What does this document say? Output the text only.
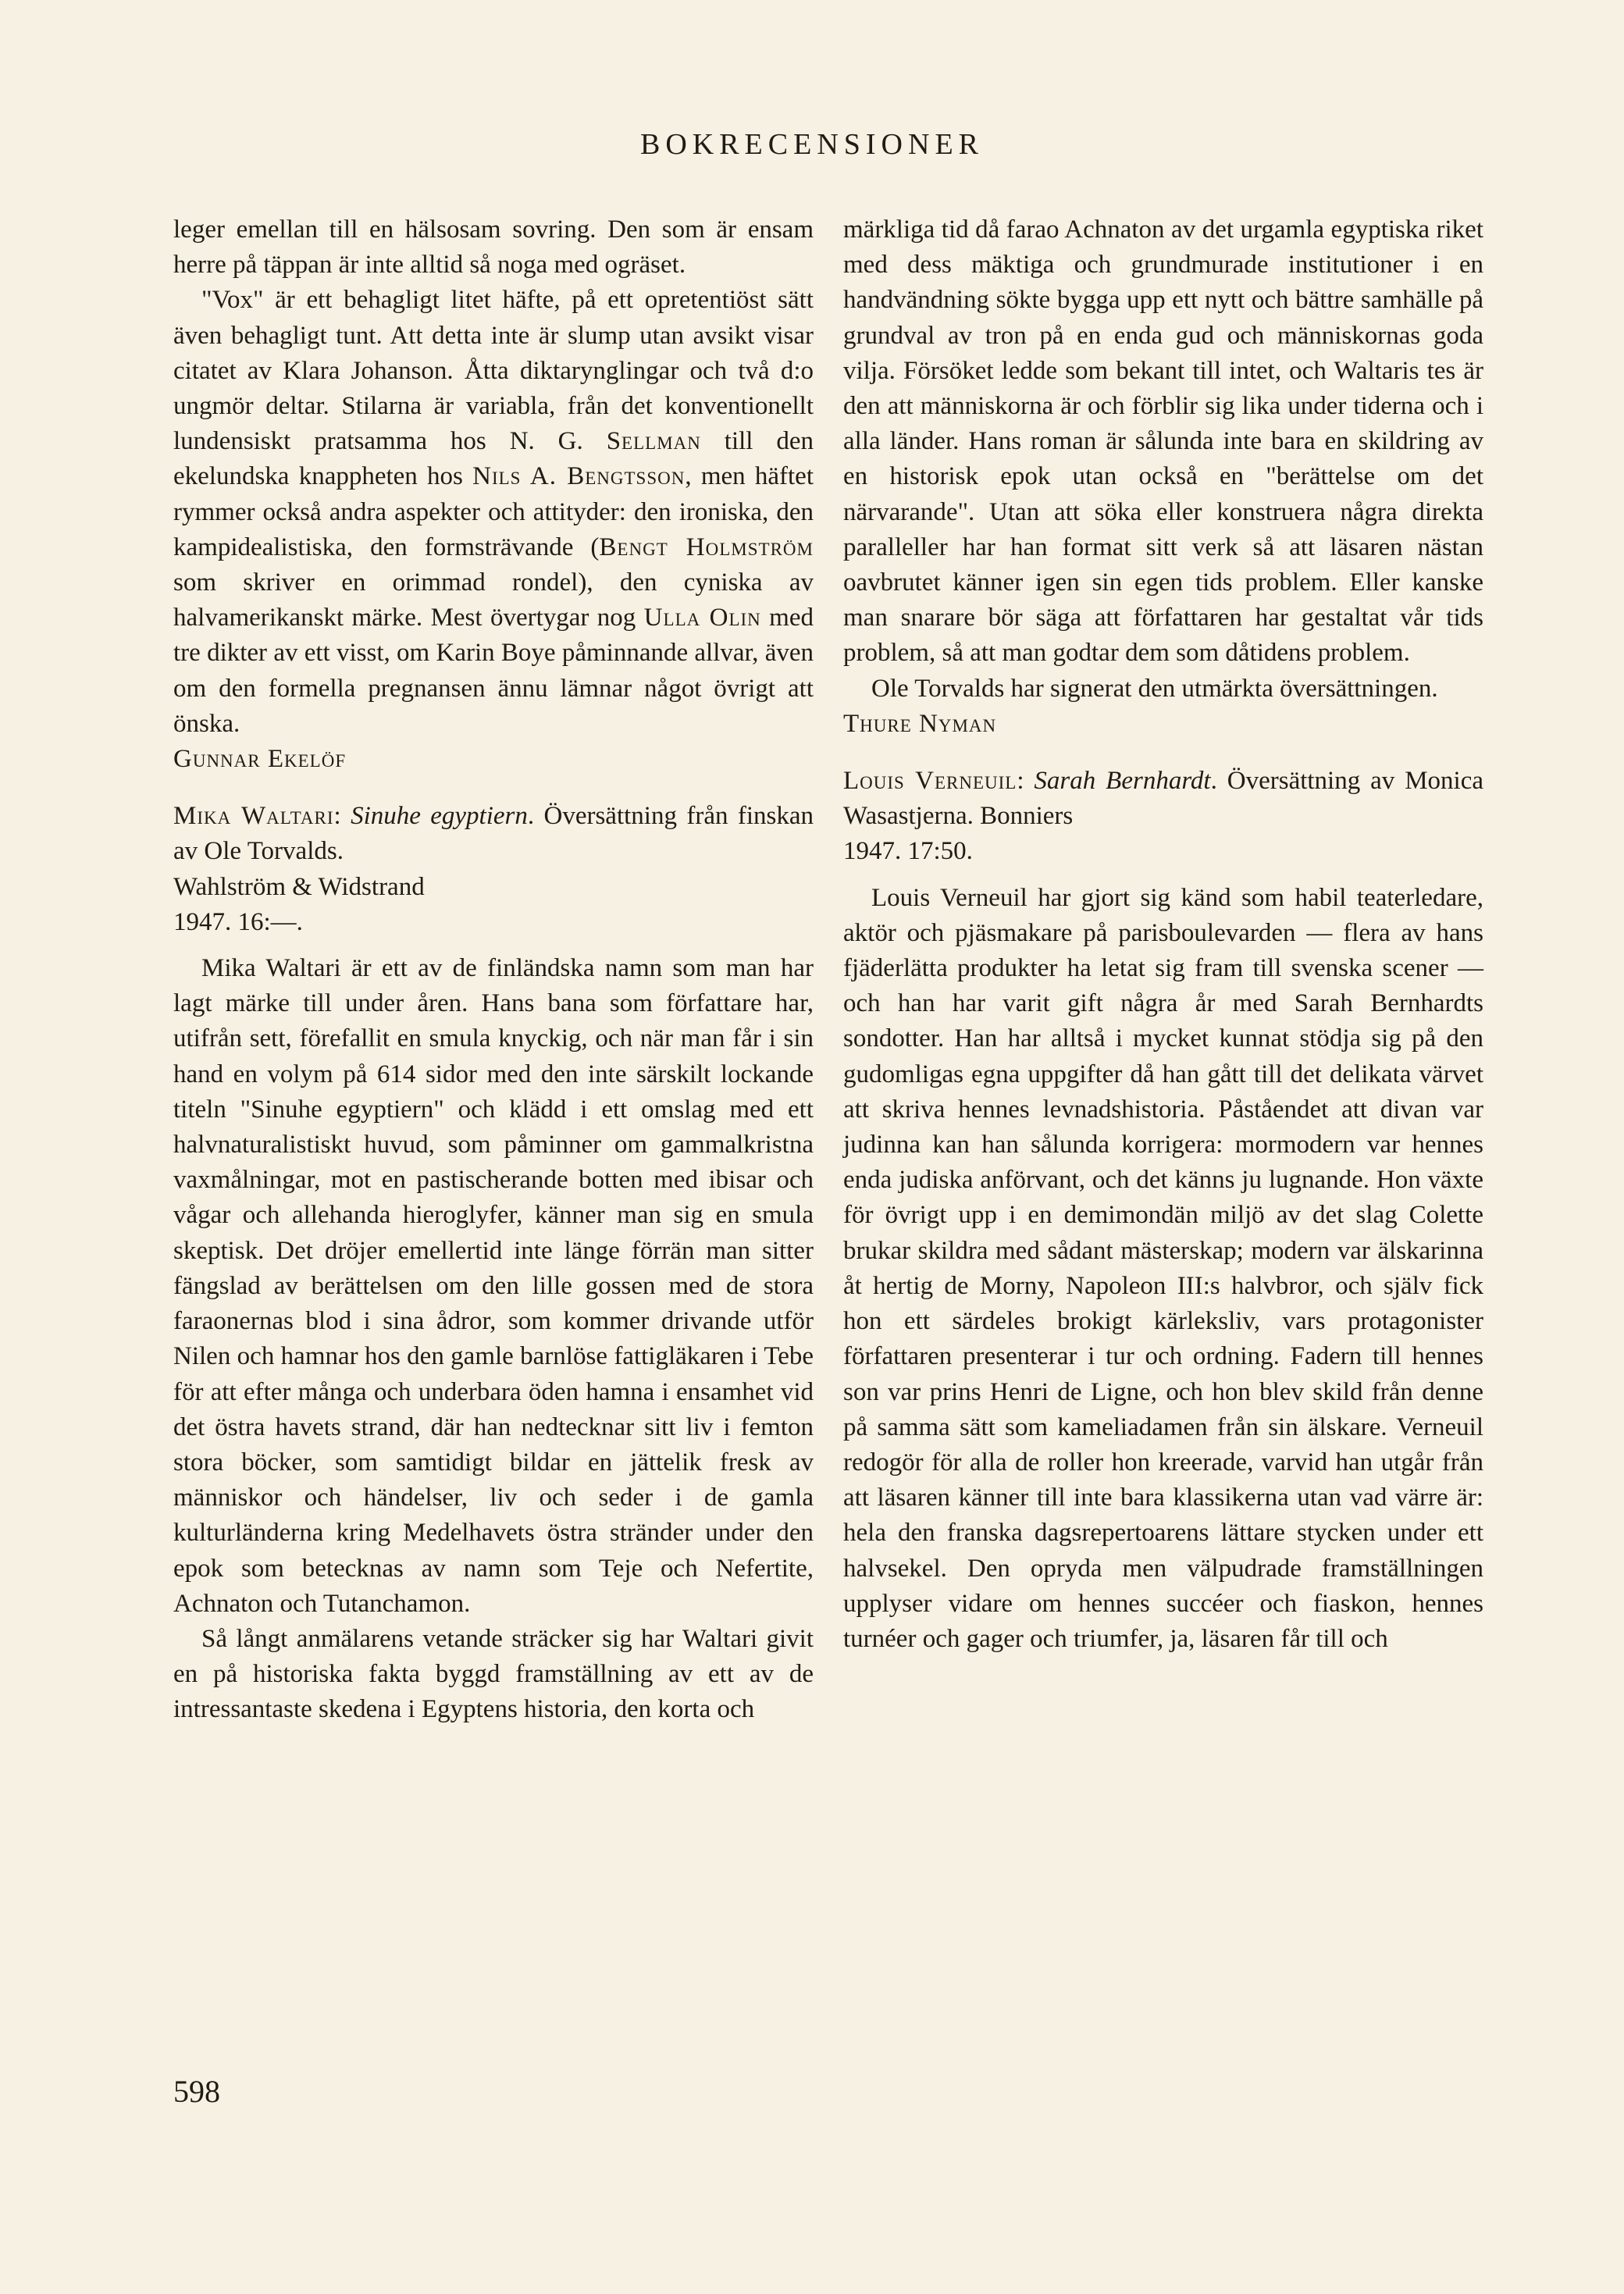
BOKRECENSIONER

leger emellan till en hälsosam sovring. Den som är ensam herre på täppan är inte alltid så noga med ogräset.

"Vox" är ett behagligt litet häfte, på ett opretentiöst sätt även behagligt tunt. Att detta inte är slump utan avsikt visar citatet av Klara Johanson. Åtta diktarynglingar och två d:o ungmör deltar. Stilarna är variabla, från det konventionellt lundensiskt pratsamma hos N. G. Sellman till den ekelundska knappheten hos Nils A. Bengtsson, men häftet rymmer också andra aspekter och attityder: den ironiska, den kampidealistiska, den formsträvande (Bengt Holmström som skriver en orimmad rondel), den cyniska av halvamerikanskt märke. Mest övertygar nog Ulla Olin med tre dikter av ett visst, om Karin Boye påminnande allvar, även om den formella pregnansen ännu lämnar något övrigt att önska.

Gunnar Ekelöf

Mika Waltari: Sinuhe egyptiern. Översättning från finskan av Ole Torvalds.
Wahlström & Widstrand
1947. 16:—.

Mika Waltari är ett av de finländska namn som man har lagt märke till under åren. Hans bana som författare har, utifrån sett, förefallit en smula knyckig, och när man får i sin hand en volym på 614 sidor med den inte särskilt lockande titeln "Sinuhe egyptiern" och klädd i ett omslag med ett halvnaturalistiskt huvud, som påminner om gammalkristna vaxmålningar, mot en pastischerande botten med ibisar och vågar och allehanda hieroglyfer, känner man sig en smula skeptisk. Det dröjer emellertid inte länge förrän man sitter fängslad av berättelsen om den lille gossen med de stora faraonernas blod i sina ådror, som kommer drivande utför Nilen och hamnar hos den gamle barnlöse fattigläkaren i Tebe för att efter många och underbara öden hamna i ensamhet vid det östra havets strand, där han nedtecknar sitt liv i femton stora böcker, som samtidigt bildar en jättelik fresk av människor och händelser, liv och seder i de gamla kulturländerna kring Medelhavets östra stränder under den epok som betecknas av namn som Teje och Nefertite, Achnaton och Tutanchamon.

Så långt anmälarens vetande sträcker sig har Waltari givit en på historiska fakta byggd framställning av ett av de intressantaste skedena i Egyptens historia, den korta och

märkliga tid då farao Achnaton av det urgamla egyptiska riket med dess mäktiga och grundmurade institutioner i en handvändning sökte bygga upp ett nytt och bättre samhälle på grundval av tron på en enda gud och människornas goda vilja. Försöket ledde som bekant till intet, och Waltaris tes är den att människorna är och förblir sig lika under tiderna och i alla länder. Hans roman är sålunda inte bara en skildring av en historisk epok utan också en "berättelse om det närvarande". Utan att söka eller konstruera några direkta paralleller har han format sitt verk så att läsaren nästan oavbrutet känner igen sin egen tids problem. Eller kanske man snarare bör säga att författaren har gestaltat vår tids problem, så att man godtar dem som dåtidens problem.

Ole Torvalds har signerat den utmärkta översättningen.

Thure Nyman

Louis Verneuil: Sarah Bernhardt. Översättning av Monica Wasastjerna. Bonniers
1947. 17:50.

Louis Verneuil har gjort sig känd som habil teaterledare, aktör och pjäsmakare på parisboulevarden — flera av hans fjäderlätta produkter ha letat sig fram till svenska scener — och han har varit gift några år med Sarah Bernhardts sondotter. Han har alltså i mycket kunnat stödja sig på den gudomligas egna uppgifter då han gått till det delikata värvet att skriva hennes levnadshistoria. Påståendet att divan var judinna kan han sålunda korrigera: mormodern var hennes enda judiska anförvant, och det känns ju lugnande. Hon växte för övrigt upp i en demimondän miljö av det slag Colette brukar skildra med sådant mästerskap; modern var älskarinna åt hertig de Morny, Napoleon III:s halvbror, och själv fick hon ett särdeles brokigt kärleksliv, vars protagonister författaren presenterar i tur och ordning. Fadern till hennes son var prins Henri de Ligne, och hon blev skild från denne på samma sätt som kameliadamen från sin älskare. Verneuil redogör för alla de roller hon kreerade, varvid han utgår från att läsaren känner till inte bara klassikerna utan vad värre är: hela den franska dagsrepertoarens lättare stycken under ett halvsekel. Den opryda men välpudrade framställningen upplyser vidare om hennes succéer och fiaskon, hennes turnéer och gager och triumfer, ja, läsaren får till och

598
